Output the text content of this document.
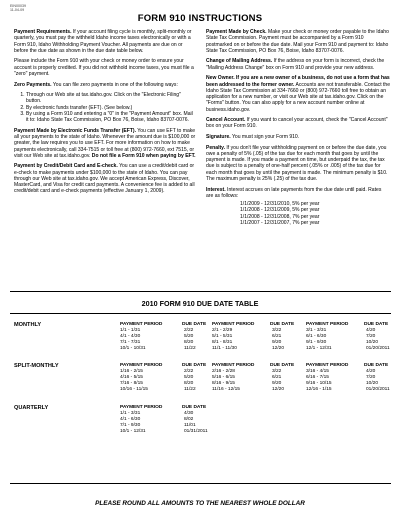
EIN00039
11-04-09
FORM 910 INSTRUCTIONS

Payment Requirements. If your account filing cycle is monthly, split-monthly or quarterly, you must pay the withheld Idaho income taxes electronically or with a Form 910, Idaho Withholding Payment Voucher. All payments are due on or before the due date as shown in the due date table below.

Please include the Form 910 with your check or money order to ensure your account is properly credited. If you did not withhold income taxes, you must file a "zero" payment.

Zero Payments. You can file zero payments in one of the following ways:

1. Through our Web site at tax.idaho.gov. Click on the "Electronic Filing" button.
2. By electronic funds transfer (EFT). (See below.)
3. By using a Form 910 and entering a "0" in the "Payment Amount" box. Mail it to: Idaho State Tax Commission, PO Box 76, Boise, Idaho 83707-0076.

Payment Made by Electronic Funds Transfer (EFT). You can use EFT to make all your payments to the state of Idaho. Whenever the amount due is $100,000 or greater, the law requires you to use EFT. For more information on how to make payments electronically, call 334-7515 or toll free at (800) 972-7660, ext 7515, or visit our Web site at tax.idaho.gov. Do not file a Form 910 when paying by EFT.

Payment by Credit/Debit Card and E-check. You can use a credit/debit card or e-check to make payments under $100,000 to the state of Idaho. You can pay through our Web site at tax.idaho.gov. We accept American Express, Discover, MasterCard, and Visa for credit card payments. A convenience fee is added to all credit/debit card and e-check payments (effective January 1, 2009).

Payment Made by Check. Make your check or money order payable to the Idaho State Tax Commission. Payment must be accompanied by a Form 910 postmarked on or before the due date. Mail your Form 910 and payment to: Idaho State Tax Commission, PO Box 76, Boise, Idaho 83707-0076.

Change of Mailing Address. If the address on your form is incorrect, check the "Mailing Address Change" box on Form 910 and provide your new address.

New Owner. If you are a new owner of a business, do not use a form that has been addressed to the former owner. Accounts are not transferable. Contact the Idaho State Tax Commission at 334-7660 or (800) 972-7660 toll free to obtain an application for a new number, or visit our Web site at tax.idaho.gov. Click on the "Forms" button. You can also apply for a new account number online at business.idaho.gov.

Cancel Account. If you want to cancel your account, check the "Cancel Account" box on your Form 910.

Signature. You must sign your Form 910.

Penalty. If you don't file your withholding payment on or before the due date, you owe a penalty of 5% (.05) of the tax due for each month that goes by until the payment is made. If you made a payment on time, but underpaid the tax, the tax due is subject to a penalty of one-half percent (.05% or .005) of the tax due for each month that goes by until the payment is made. The minimum penalty is $10. The maximum penalty is 25% (.25) of the tax due.

Interest. Interest accrues on late payments from the due date until paid. Rates are as follows:

1/1/2009 - 12/31/2010, 5% per year
1/1/2008 - 12/31/2009, 5% per year
1/1/2008 - 12/31/2008, 7% per year
1/1/2007 - 12/31/2007, 7% per year
2010 FORM 910 DUE DATE TABLE
MONTHLY
SPLIT-MONTHLY
QUARTERLY
PAYMENT PERIOD	DUE DATE
1/1 - 1/31	2/22
4/1 - 4/30	5/20
7/1 - 7/31	8/20
10/1 - 10/31	11/22
PAYMENT PERIOD	DUE DATE
2/1 - 2/29	3/22
5/1 - 5/31	6/21
8/1 - 8/31	9/20
11/1 - 11/30	12/20
PAYMENT PERIOD	DUE DATE
3/1 - 3/31	4/20
6/1 - 6/30	7/20
9/1 - 9/30	10/20
12/1 - 12/31	01/20/2011
PAYMENT PERIOD	DUE DATE
1/16 - 2/15	2/22
4/16 - 5/15	5/20
7/16 - 8/15	8/20
10/16 - 11/15	11/22
PAYMENT PERIOD	DUE DATE
2/16 - 2/28	3/22
5/16 - 6/15	6/21
8/16 - 9/15	9/20
11/16 - 12/15	12/20
PAYMENT PERIOD	DUE DATE
3/16 - 4/15	4/20
6/16 - 7/15	7/20
9/16 - 10/15	10/20
12/16 - 1/15	01/20/2011
PAYMENT PERIOD	DUE DATE
1/1 - 3/31	4/30
4/1 - 6/30	8/02
7/1 - 9/30	11/01
10/1 - 12/31	01/31/2011
PLEASE ROUND ALL AMOUNTS TO THE NEAREST WHOLE DOLLAR
